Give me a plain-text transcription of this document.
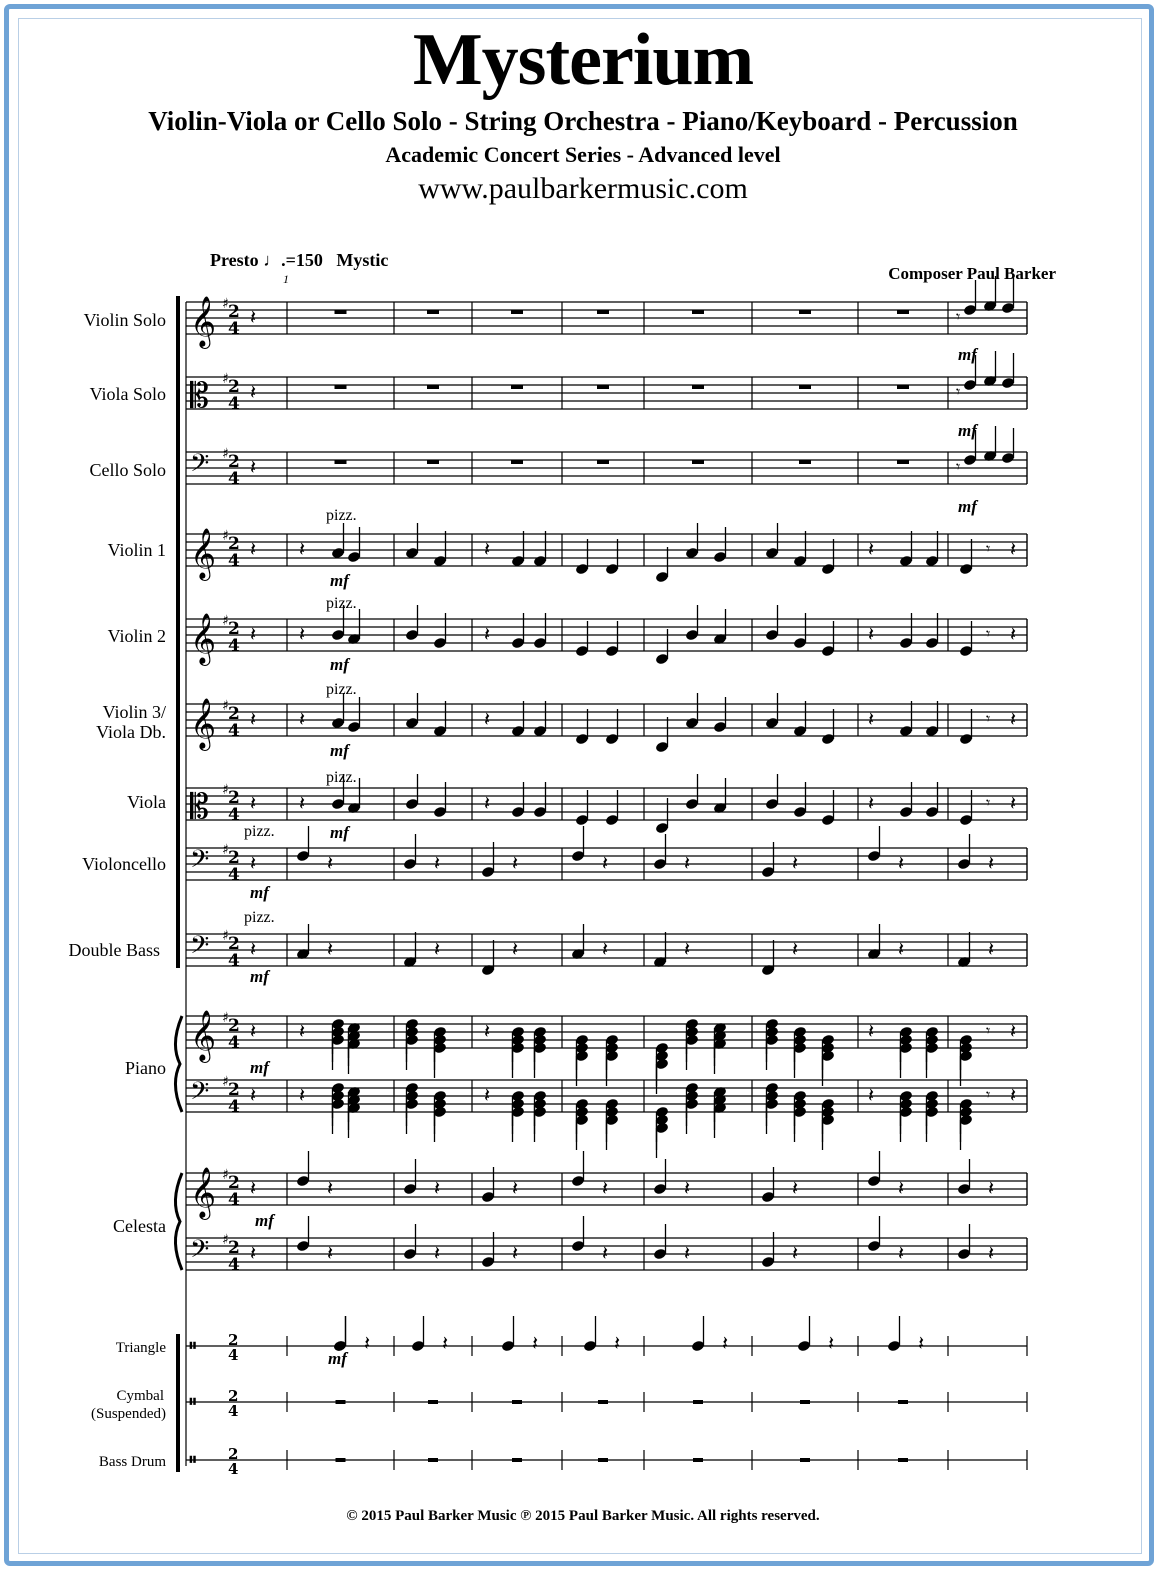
Mysterium
Violin-Viola or Cello Solo - String Orchestra - Piano/Keyboard - Percussion
Academic Concert Series - Advanced level
www.paulbarkermusic.com
Presto ♩.=150 Mystic
1	Composer Paul Barker
Violin Solo
Viola Solo
Cello Solo
Violin 1
Violin 2
Violin 3/
Viola Db.
Viola
Violoncello
Double Bass
Piano
Celesta
Triangle
Cymbal
(Suspended)
Bass Drum
𝄥 2
4
𝄥 2
4
𝄥 2
4
𝄞 ♯ 2
4 𝄽
𝄡 ♯ 2
4 𝄽
𝄢 ♯ 2
4 𝄽
𝄞 ♯ 2
4 𝄽
𝄞 ♯ 2
4 𝄽
𝄞 ♯ 2
4 𝄽
𝄡 ♯ 2
4 𝄽
𝄢 ♯ 2
4 𝄽
𝄢 ♯ 2
4 𝄽
𝄞 ♯ 2
4 𝄽
𝄢 ♯ 2
4 𝄽
𝄞 ♯ 2
4 𝄽
𝄢 ♯ 2
4 𝄽
𝄽	𝄽	𝄽	𝄾 𝄽
𝄽	𝄽	𝄽	𝄾 𝄽
𝄽	𝄽	𝄽	𝄾 𝄽
𝄽	𝄽	𝄽	𝄾 𝄽
𝄽	𝄽	𝄽	𝄽	𝄽	𝄽	𝄽	𝄽
𝄽	𝄽	𝄽	𝄽	𝄽	𝄽	𝄽	𝄽
𝄽	𝄽	𝄽	𝄽	𝄽	𝄽	𝄽	𝄽
𝄽	𝄽	𝄽	𝄽	𝄽	𝄽	𝄽	𝄽
𝄽	𝄽	𝄽	𝄾 𝄽
𝄽	𝄽	𝄽	𝄾 𝄽
𝄾
𝄾
𝄾
𝄽	𝄽	𝄽	𝄽	𝄽	𝄽	𝄽
mf
mf
mf
mf
mf
mf
mf
mf
mf
mf
mf
mf
pizz.
pizz.
pizz.
pizz.
pizz.
pizz.
© 2015 Paul Barker Music ℗ 2015 Paul Barker Music. All rights reserved.
